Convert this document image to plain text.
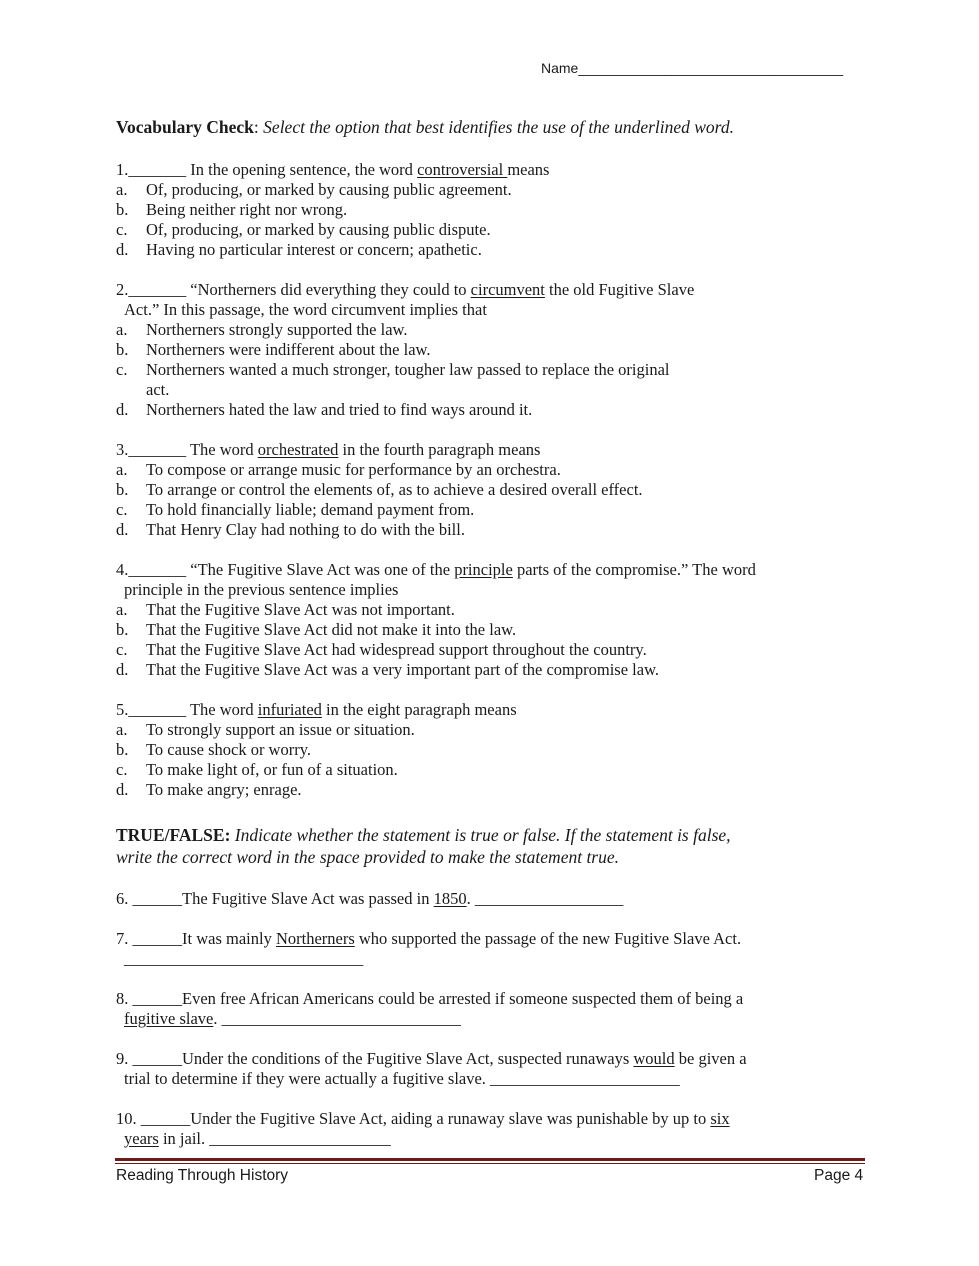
Name__________________________________
Vocabulary Check: Select the option that best identifies the use of the underlined word.
1._______ In the opening sentence, the word controversial means
a. Of, producing, or marked by causing public agreement.
b. Being neither right nor wrong.
c. Of, producing, or marked by causing public dispute.
d. Having no particular interest or concern; apathetic.
2._______ “Northerners did everything they could to circumvent the old Fugitive Slave
Act.” In this passage, the word circumvent implies that
a. Northerners strongly supported the law.
b. Northerners were indifferent about the law.
c. Northerners wanted a much stronger, tougher law passed to replace the original
act.
d. Northerners hated the law and tried to find ways around it.
3._______ The word orchestrated in the fourth paragraph means
a. To compose or arrange music for performance by an orchestra.
b. To arrange or control the elements of, as to achieve a desired overall effect.
c. To hold financially liable; demand payment from.
d. That Henry Clay had nothing to do with the bill.
4._______ “The Fugitive Slave Act was one of the principle parts of the compromise.” The word
principle in the previous sentence implies
a. That the Fugitive Slave Act was not important.
b. That the Fugitive Slave Act did not make it into the law.
c. That the Fugitive Slave Act had widespread support throughout the country.
d. That the Fugitive Slave Act was a very important part of the compromise law.
5._______ The word infuriated in the eight paragraph means
a. To strongly support an issue or situation.
b. To cause shock or worry.
c. To make light of, or fun of a situation.
d. To make angry; enrage.
TRUE/FALSE: Indicate whether the statement is true or false. If the statement is false,
write the correct word in the space provided to make the statement true.
6. ______The Fugitive Slave Act was passed in 1850. __________________
7. ______It was mainly Northerners who supported the passage of the new Fugitive Slave Act.
_____________________________
8. ______Even free African Americans could be arrested if someone suspected them of being a
fugitive slave. _____________________________
9. ______Under the conditions of the Fugitive Slave Act, suspected runaways would be given a
trial to determine if they were actually a fugitive slave. _______________________
10. ______Under the Fugitive Slave Act, aiding a runaway slave was punishable by up to six
years in jail. ______________________
Reading Through History	Page 4
